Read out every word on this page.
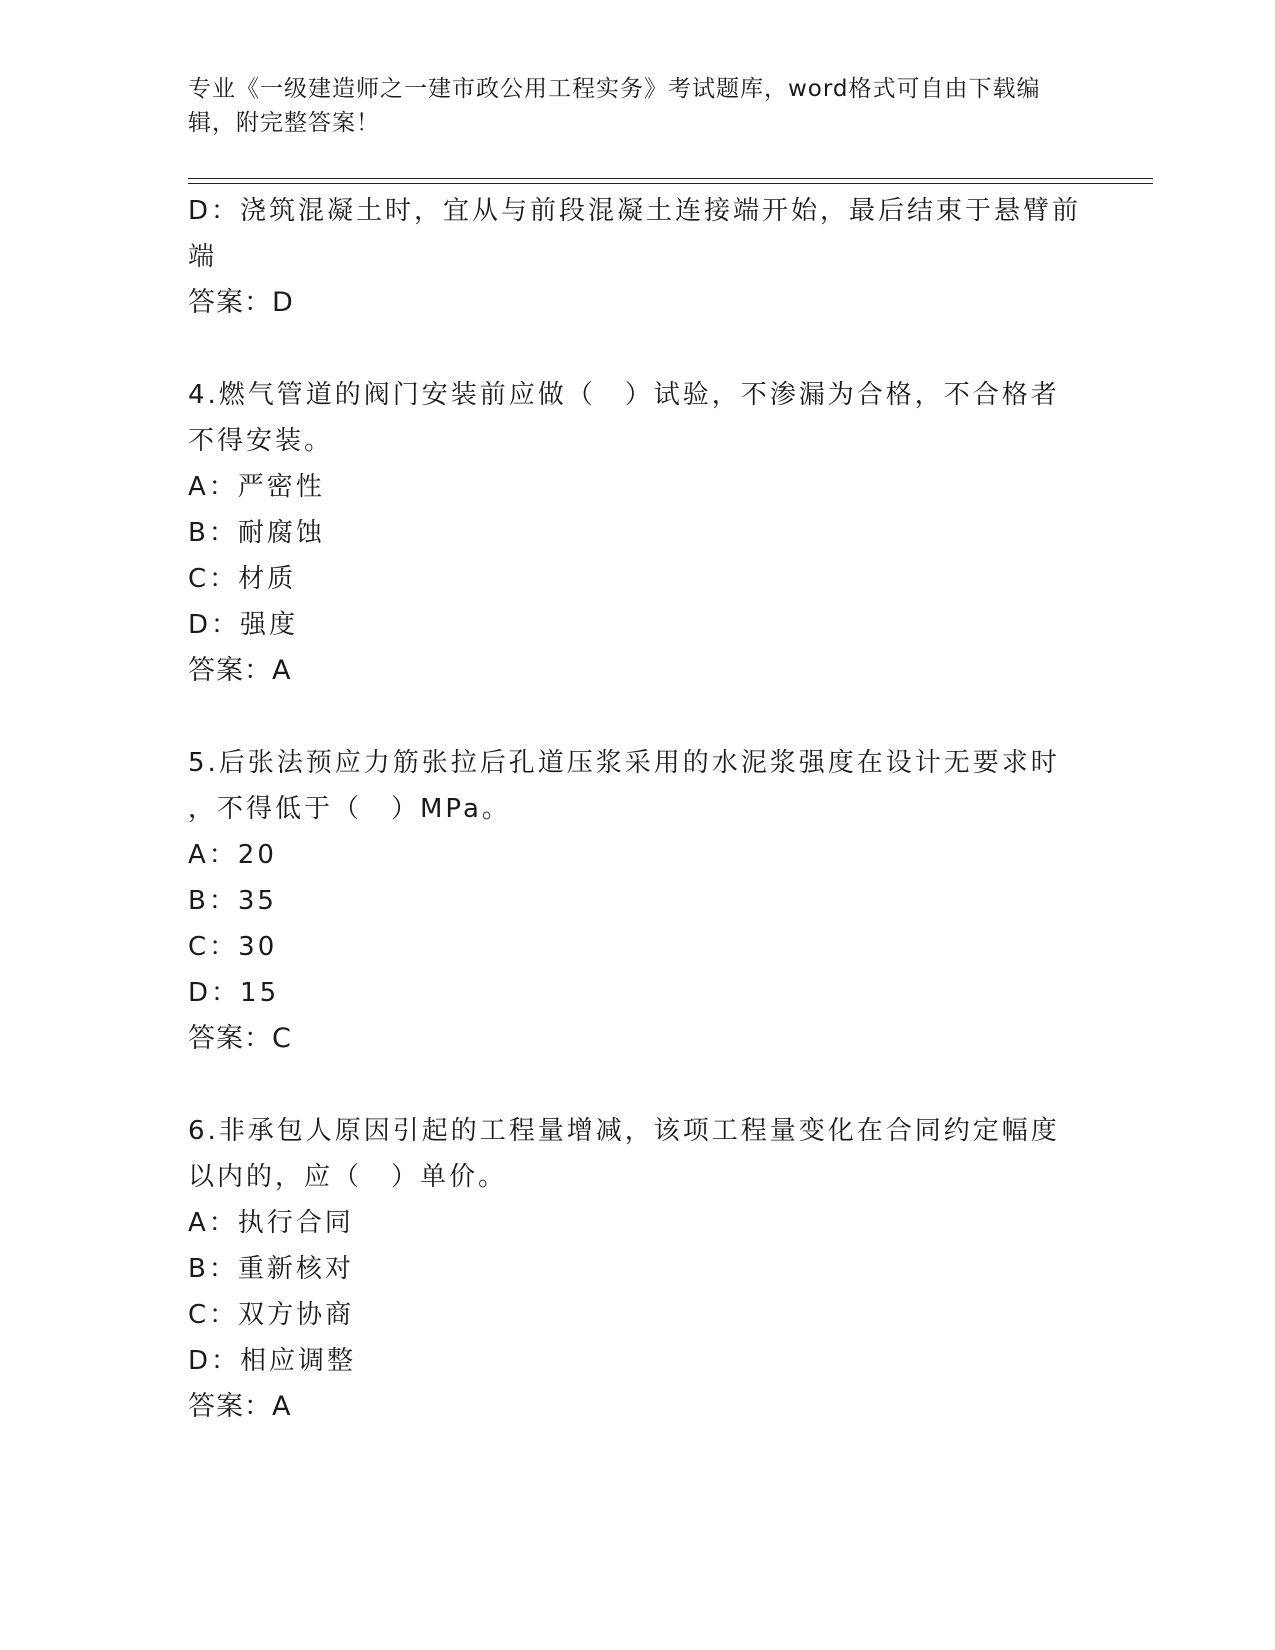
专业《一级建造师之一建市政公用工程实务》考试题库，word格式可自由下载编
辑，附完整答案！
D：浇筑混凝土时，宜从与前段混凝土连接端开始，最后结束于悬臂前
端
答案：D
4.燃气管道的阀门安装前应做（　）试验，不渗漏为合格，不合格者
不得安装。
A：严密性
B：耐腐蚀
C：材质
D：强度
答案：A
5.后张法预应力筋张拉后孔道压浆采用的水泥浆强度在设计无要求时
，不得低于（　）MPa。
A：20
B：35
C：30
D：15
答案：C
6.非承包人原因引起的工程量增减，该项工程量变化在合同约定幅度
以内的，应（　）单价。
A：执行合同
B：重新核对
C：双方协商
D：相应调整
答案：A
